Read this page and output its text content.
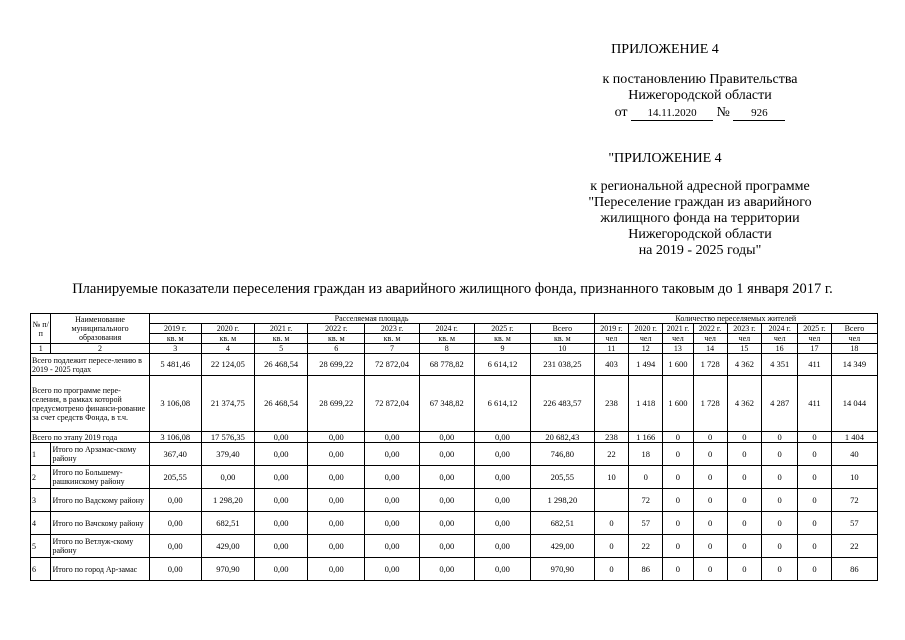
ПРИЛОЖЕНИЕ 4
к постановлению Правительства
Нижегородской области
от 14.11.2020 № 926
"ПРИЛОЖЕНИЕ 4
к региональной адресной программе
"Переселение граждан из аварийного
жилищного фонда на территории
Нижегородской области
на 2019 - 2025 годы"
Планируемые показатели переселения граждан из аварийного жилищного фонда, признанного таковым до 1 января 2017 г.
№ п/п	Наименование муниципального образования	Расселяемая площадь								Количество переселяемых жителей							
		2019 г.	2020 г.	2021 г.	2022 г.	2023 г.	2024 г.	2025 г.	Всего	2019 г.	2020 г.	2021 г.	2022 г.	2023 г.	2024 г.	2025 г.	Всего
		кв. м	кв. м	кв. м	кв. м	кв. м	кв. м	кв. м	кв. м	чел	чел	чел	чел	чел	чел	чел	чел
1	2	3	4	5	6	7	8	9	10	11	12	13	14	15	16	17	18
Всего подлежит пересе-лению в 2019 - 2025 годах		5 481,46	22 124,05	26 468,54	28 699,22	72 872,04	68 778,82	6 614,12	231 038,25	403	1 494	1 600	1 728	4 362	4 351	411	14 349
Всего по программе пере-селения, в рамках которой предусмотрено финанси-рование за счет средств Фонда, в т.ч.		3 106,08	21 374,75	26 468,54	28 699,22	72 872,04	67 348,82	6 614,12	226 483,57	238	1 418	1 600	1 728	4 362	4 287	411	14 044
Всего по этапу 2019 года		3 106,08	17 576,35	0,00	0,00	0,00	0,00	0,00	20 682,43	238	1 166	0	0	0	0	0	1 404
1	Итого по Арзамас-скому району	367,40	379,40	0,00	0,00	0,00	0,00	0,00	746,80	22	18	0	0	0	0	0	40
2	Итого по Большему-рашкинскому району	205,55	0,00	0,00	0,00	0,00	0,00	0,00	205,55	10	0	0	0	0	0	0	10
3	Итого по Вадскому району	0,00	1 298,20	0,00	0,00	0,00	0,00	0,00	1 298,20		72	0	0	0	0	0	72
4	Итого по Вачскому району	0,00	682,51	0,00	0,00	0,00	0,00	0,00	682,51	0	57	0	0	0	0	0	57
5	Итого по Ветлуж-скому району	0,00	429,00	0,00	0,00	0,00	0,00	0,00	429,00	0	22	0	0	0	0	0	22
6	Итого по город Ар-замас	0,00	970,90	0,00	0,00	0,00	0,00	0,00	970,90	0	86	0	0	0	0	0	86
